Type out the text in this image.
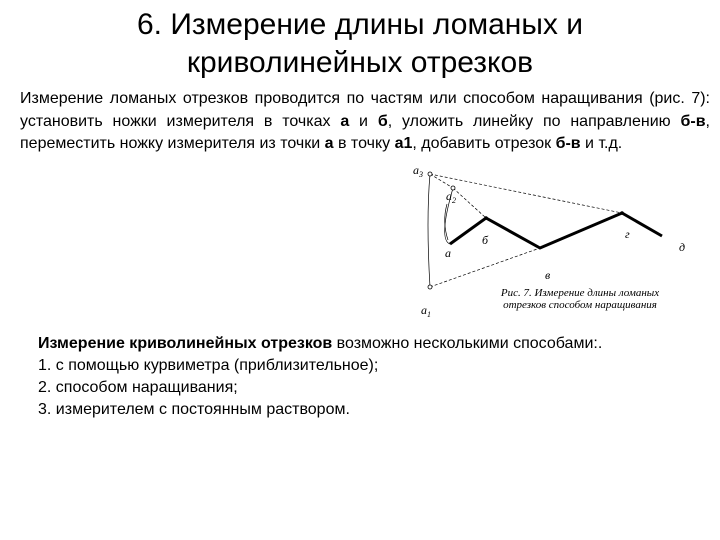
6. Измерение длины ломаных и
криволинейных отрезков

Измерение ломаных отрезков проводится по частям или способом наращивания (рис. 7): установить ножки измерителя в точках а и б, уложить линейку по направлению б-в, переместить ножку измерителя из точки а в точку а1, добавить отрезок б-в и т.д.

$а_3$
$а_2$
а
б
в
г
д
$а_1$
Рис. 7. Измерение длины ломаных
отрезков способом наращивания
Измерение криволинейных отрезков возможно несколькими способами:.
1. с помощью курвиметра (приблизительное);
2. способом наращивания;
3. измерителем с постоянным раствором.
